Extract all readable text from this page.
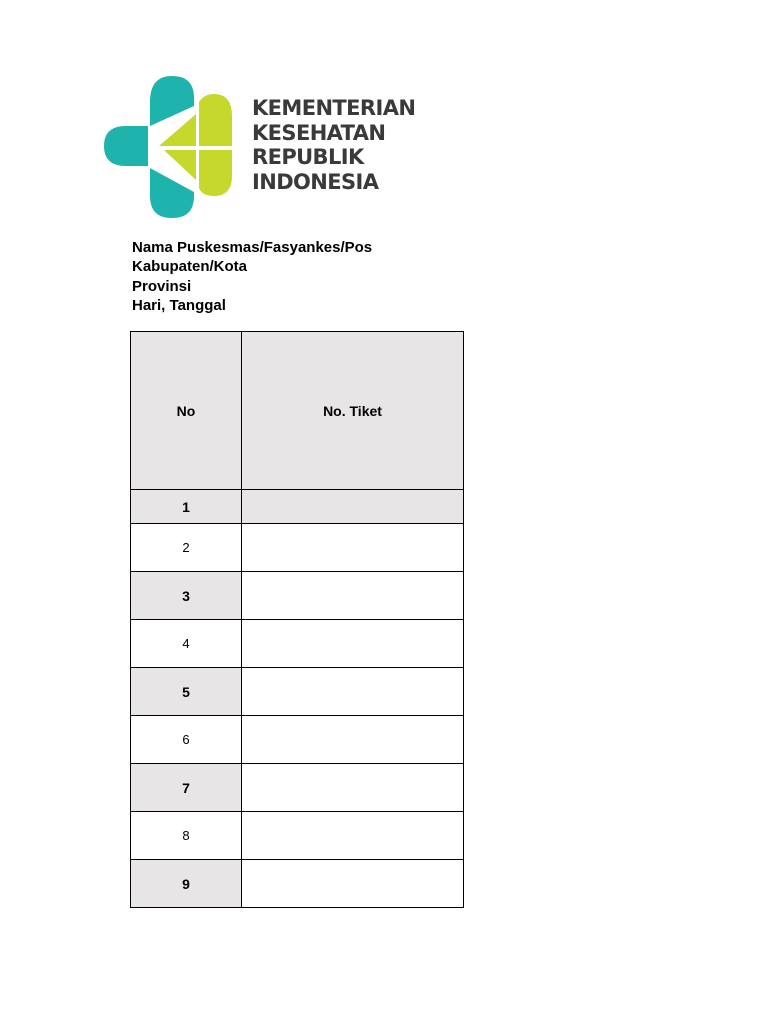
KEMENTERIAN
KESEHATAN
REPUBLIK
INDONESIA
Nama Puskesmas/Fasyankes/Pos
Kabupaten/Kota
Provinsi
Hari, Tanggal
No	No. Tiket
1	
2	
3	
4	
5	
6	
7	
8	
9	
